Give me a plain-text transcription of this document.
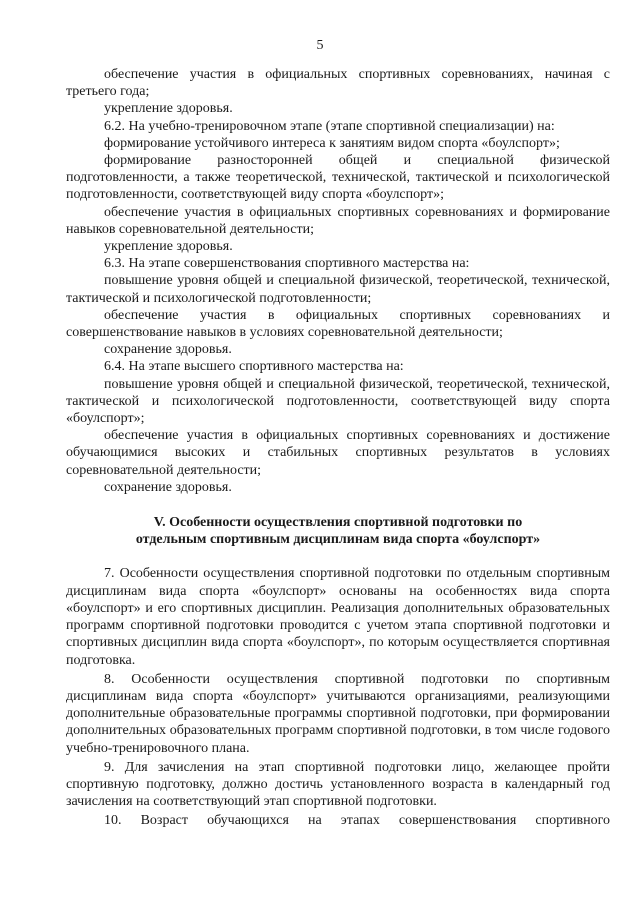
5

обеспечение участия в официальных спортивных соревнованиях, начиная с третьего года;

укрепление здоровья.

6.2. На учебно-тренировочном этапе (этапе спортивной специализации) на:

формирование устойчивого интереса к занятиям видом спорта «боулспорт»;

формирование разносторонней общей и специальной физической подготовленности, а также теоретической, технической, тактической и психологической подготовленности, соответствующей виду спорта «боулспорт»;

обеспечение участия в официальных спортивных соревнованиях и формирование навыков соревновательной деятельности;

укрепление здоровья.

6.3. На этапе совершенствования спортивного мастерства на:

повышение уровня общей и специальной физической, теоретической, технической, тактической и психологической подготовленности;

обеспечение участия в официальных спортивных соревнованиях и совершенствование навыков в условиях соревновательной деятельности;

сохранение здоровья.

6.4. На этапе высшего спортивного мастерства на:

повышение уровня общей и специальной физической, теоретической, технической, тактической и психологической подготовленности, соответствующей виду спорта «боулспорт»;

обеспечение участия в официальных спортивных соревнованиях и достижение обучающимися высоких и стабильных спортивных результатов в условиях соревновательной деятельности;

сохранение здоровья.

V. Особенности осуществления спортивной подготовки по
отдельным спортивным дисциплинам вида спорта «боулспорт»

7. Особенности осуществления спортивной подготовки по отдельным спортивным дисциплинам вида спорта «боулспорт» основаны на особенностях вида спорта «боулспорт» и его спортивных дисциплин. Реализация дополнительных образовательных программ спортивной подготовки проводится с учетом этапа спортивной подготовки и спортивных дисциплин вида спорта «боулспорт», по которым осуществляется спортивная подготовка.

8. Особенности осуществления спортивной подготовки по спортивным дисциплинам вида спорта «боулспорт» учитываются организациями, реализующими дополнительные образовательные программы спортивной подготовки, при формировании дополнительных образовательных программ спортивной подготовки, в том числе годового учебно-тренировочного плана.

9. Для зачисления на этап спортивной подготовки лицо, желающее пройти спортивную подготовку, должно достичь установленного возраста в календарный год зачисления на соответствующий этап спортивной подготовки.

10. Возраст обучающихся на этапах совершенствования спортивного
